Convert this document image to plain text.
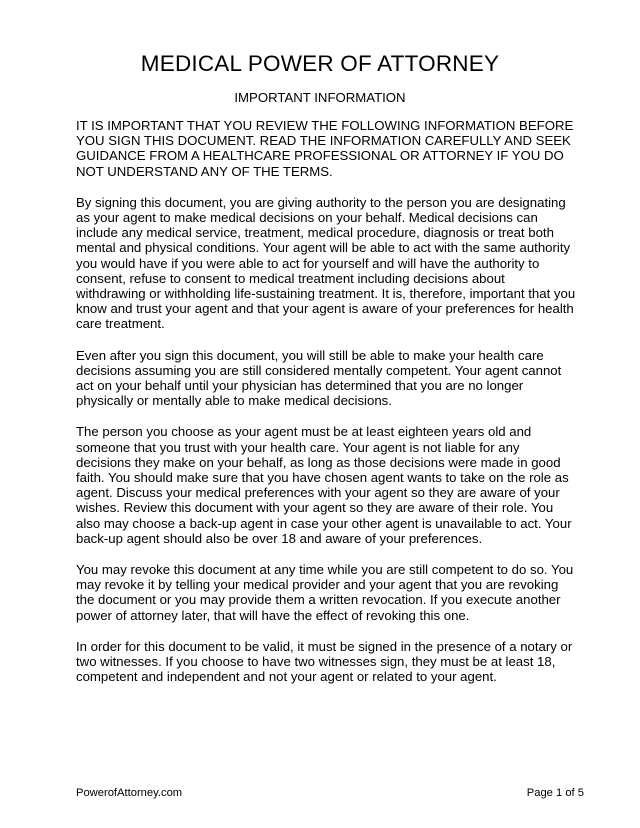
MEDICAL POWER OF ATTORNEY
IMPORTANT INFORMATION

IT IS IMPORTANT THAT YOU REVIEW THE FOLLOWING INFORMATION BEFORE YOU SIGN THIS DOCUMENT. READ THE INFORMATION CAREFULLY AND SEEK GUIDANCE FROM A HEALTHCARE PROFESSIONAL OR ATTORNEY IF YOU DO NOT UNDERSTAND ANY OF THE TERMS.

By signing this document, you are giving authority to the person you are designating as your agent to make medical decisions on your behalf. Medical decisions can include any medical service, treatment, medical procedure, diagnosis or treat both mental and physical conditions. Your agent will be able to act with the same authority you would have if you were able to act for yourself and will have the authority to consent, refuse to consent to medical treatment including decisions about withdrawing or withholding life-sustaining treatment. It is, therefore, important that you know and trust your agent and that your agent is aware of your preferences for health care treatment.

Even after you sign this document, you will still be able to make your health care decisions assuming you are still considered mentally competent. Your agent cannot act on your behalf until your physician has determined that you are no longer physically or mentally able to make medical decisions.

The person you choose as your agent must be at least eighteen years old and someone that you trust with your health care. Your agent is not liable for any decisions they make on your behalf, as long as those decisions were made in good faith. You should make sure that you have chosen agent wants to take on the role as agent. Discuss your medical preferences with your agent so they are aware of your wishes. Review this document with your agent so they are aware of their role. You also may choose a back-up agent in case your other agent is unavailable to act. Your back-up agent should also be over 18 and aware of your preferences.

You may revoke this document at any time while you are still competent to do so. You may revoke it by telling your medical provider and your agent that you are revoking the document or you may provide them a written revocation. If you execute another power of attorney later, that will have the effect of revoking this one.

In order for this document to be valid, it must be signed in the presence of a notary or two witnesses. If you choose to have two witnesses sign, they must be at least 18, competent and independent and not your agent or related to your agent.

PowerofAttorney.com	Page 1 of 5
